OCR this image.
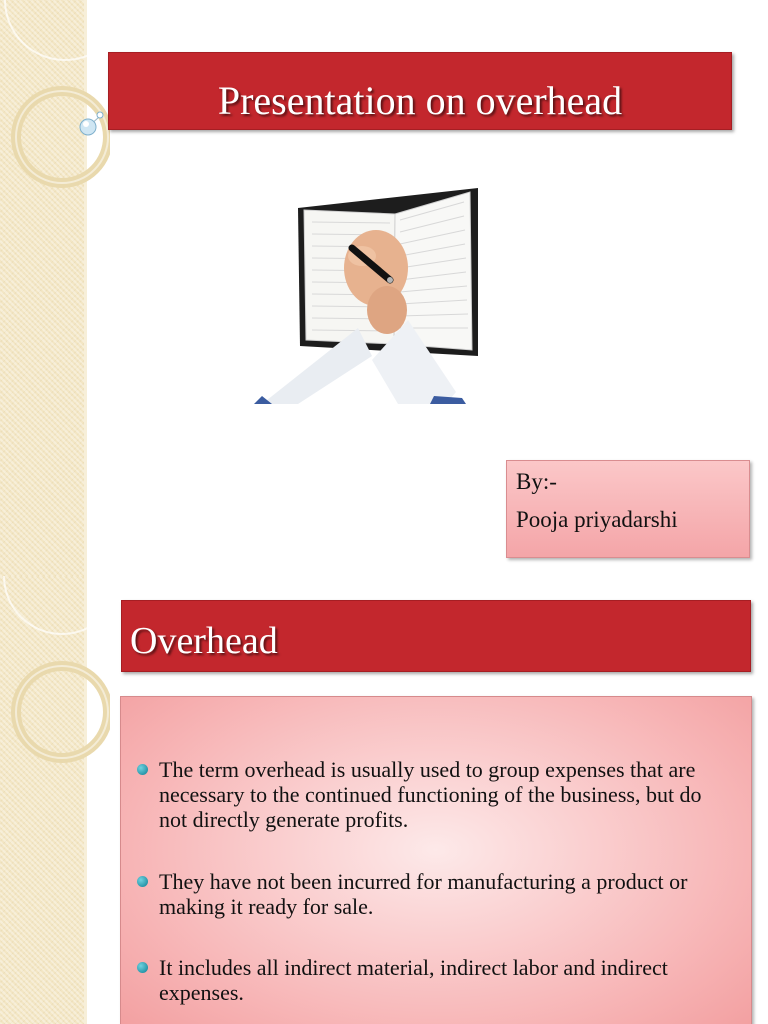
Presentation on overhead
By:-
Pooja priyadarshi
Overhead
The term overhead is usually used to group expenses that are necessary to the continued functioning of the business, but do not directly generate profits.
They have not been incurred for manufacturing a product or making it ready for sale.
It includes all indirect material, indirect labor and indirect expenses.
